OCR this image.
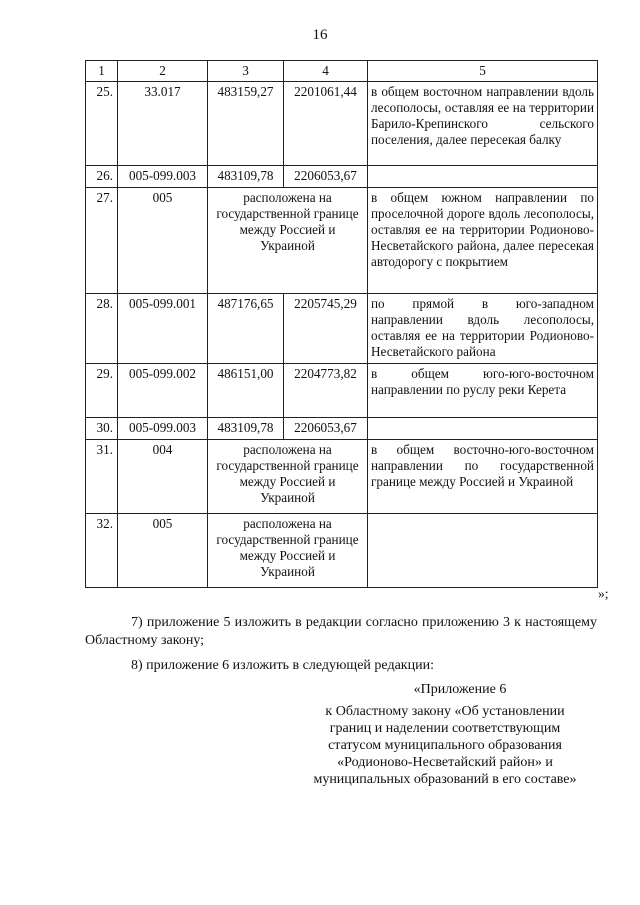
16
1	2	3	4	5
25.	33.017	483159,27	2201061,44	в общем восточном направлении вдоль лесополосы, оставляя ее на территории Барило-Крепинского сельского поселения, далее пересекая балку
26.	005-099.003	483109,78	2206053,67	
27.	005	расположена на государственной границе между Россией и Украиной		в общем южном направлении по проселочной дороге вдоль лесополосы, оставляя ее на территории Родионово-Несветайского района, далее пересекая автодорогу с покрытием
28.	005-099.001	487176,65	2205745,29	по прямой в юго-западном направлении вдоль лесополосы, оставляя ее на территории Родионово-Несветайского района
29.	005-099.002	486151,00	2204773,82	в общем юго-юго-восточном направлении по руслу реки Керета
30.	005-099.003	483109,78	2206053,67	
31.	004	расположена на государственной границе между Россией и Украиной		в общем восточно-юго-восточном направлении по государственной границе между Россией и Украиной
32.	005	расположена на государственной границе между Россией и Украиной		
»;
7) приложение 5 изложить в редакции согласно приложению 3 к настоящему Областному закону;
8) приложение 6 изложить в следующей редакции:
«Приложение 6
к Областному закону «Об установлении
границ и наделении соответствующим
статусом муниципального образования
«Родионово-Несветайский район» и
муниципальных образований в его составе»
